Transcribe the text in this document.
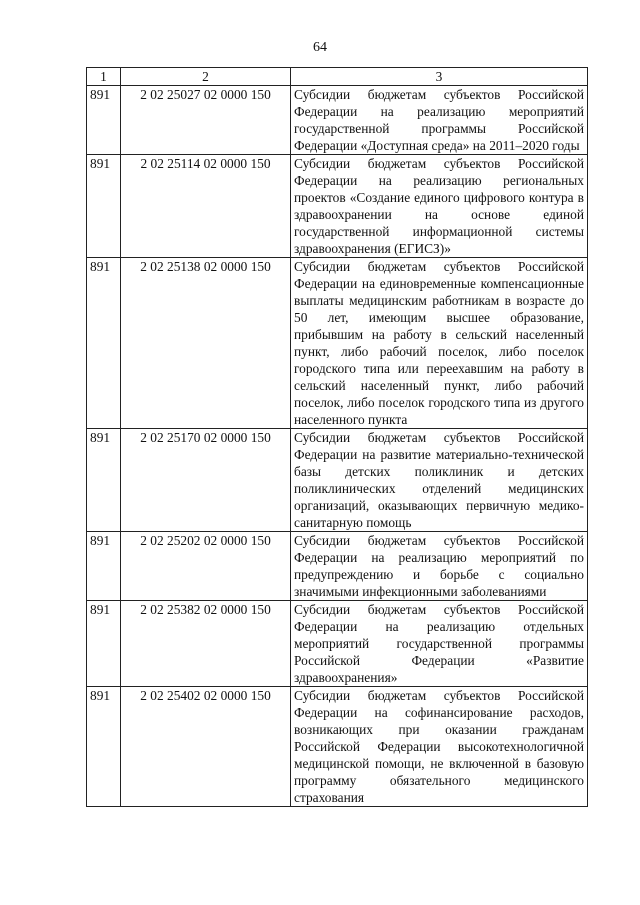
64
1	2	3
891	2 02 25027 02 0000 150	Субсидии бюджетам субъектов Российской Федерации на реализацию мероприятий государственной программы Российской Федерации «Доступная среда» на 2011–2020 годы
891	2 02 25114 02 0000 150	Субсидии бюджетам субъектов Российской Федерации на реализацию региональных проектов «Создание единого цифрового контура в здравоохранении на основе единой государственной информационной системы здравоохранения (ЕГИСЗ)»
891	2 02 25138 02 0000 150	Субсидии бюджетам субъектов Российской Федерации на единовременные компенсационные выплаты медицинским работникам в возрасте до 50 лет, имеющим высшее образование, прибывшим на работу в сельский населенный пункт, либо рабочий поселок, либо поселок городского типа или переехавшим на работу в сельский населенный пункт, либо рабочий поселок, либо поселок городского типа из другого населенного пункта
891	2 02 25170 02 0000 150	Субсидии бюджетам субъектов Российской Федерации на развитие материально-технической базы детских поликлиник и детских поликлинических отделений медицинских организаций, оказывающих первичную медико-санитарную помощь
891	2 02 25202 02 0000 150	Субсидии бюджетам субъектов Российской Федерации на реализацию мероприятий по предупреждению и борьбе с социально значимыми инфекционными заболеваниями
891	2 02 25382 02 0000 150	Субсидии бюджетам субъектов Российской Федерации на реализацию отдельных мероприятий государственной программы Российской Федерации «Развитие здравоохранения»
891	2 02 25402 02 0000 150	Субсидии бюджетам субъектов Российской Федерации на софинансирование расходов, возникающих при оказании гражданам Российской Федерации высокотехнологичной медицинской помощи, не включенной в базовую программу обязательного медицинского страхования
